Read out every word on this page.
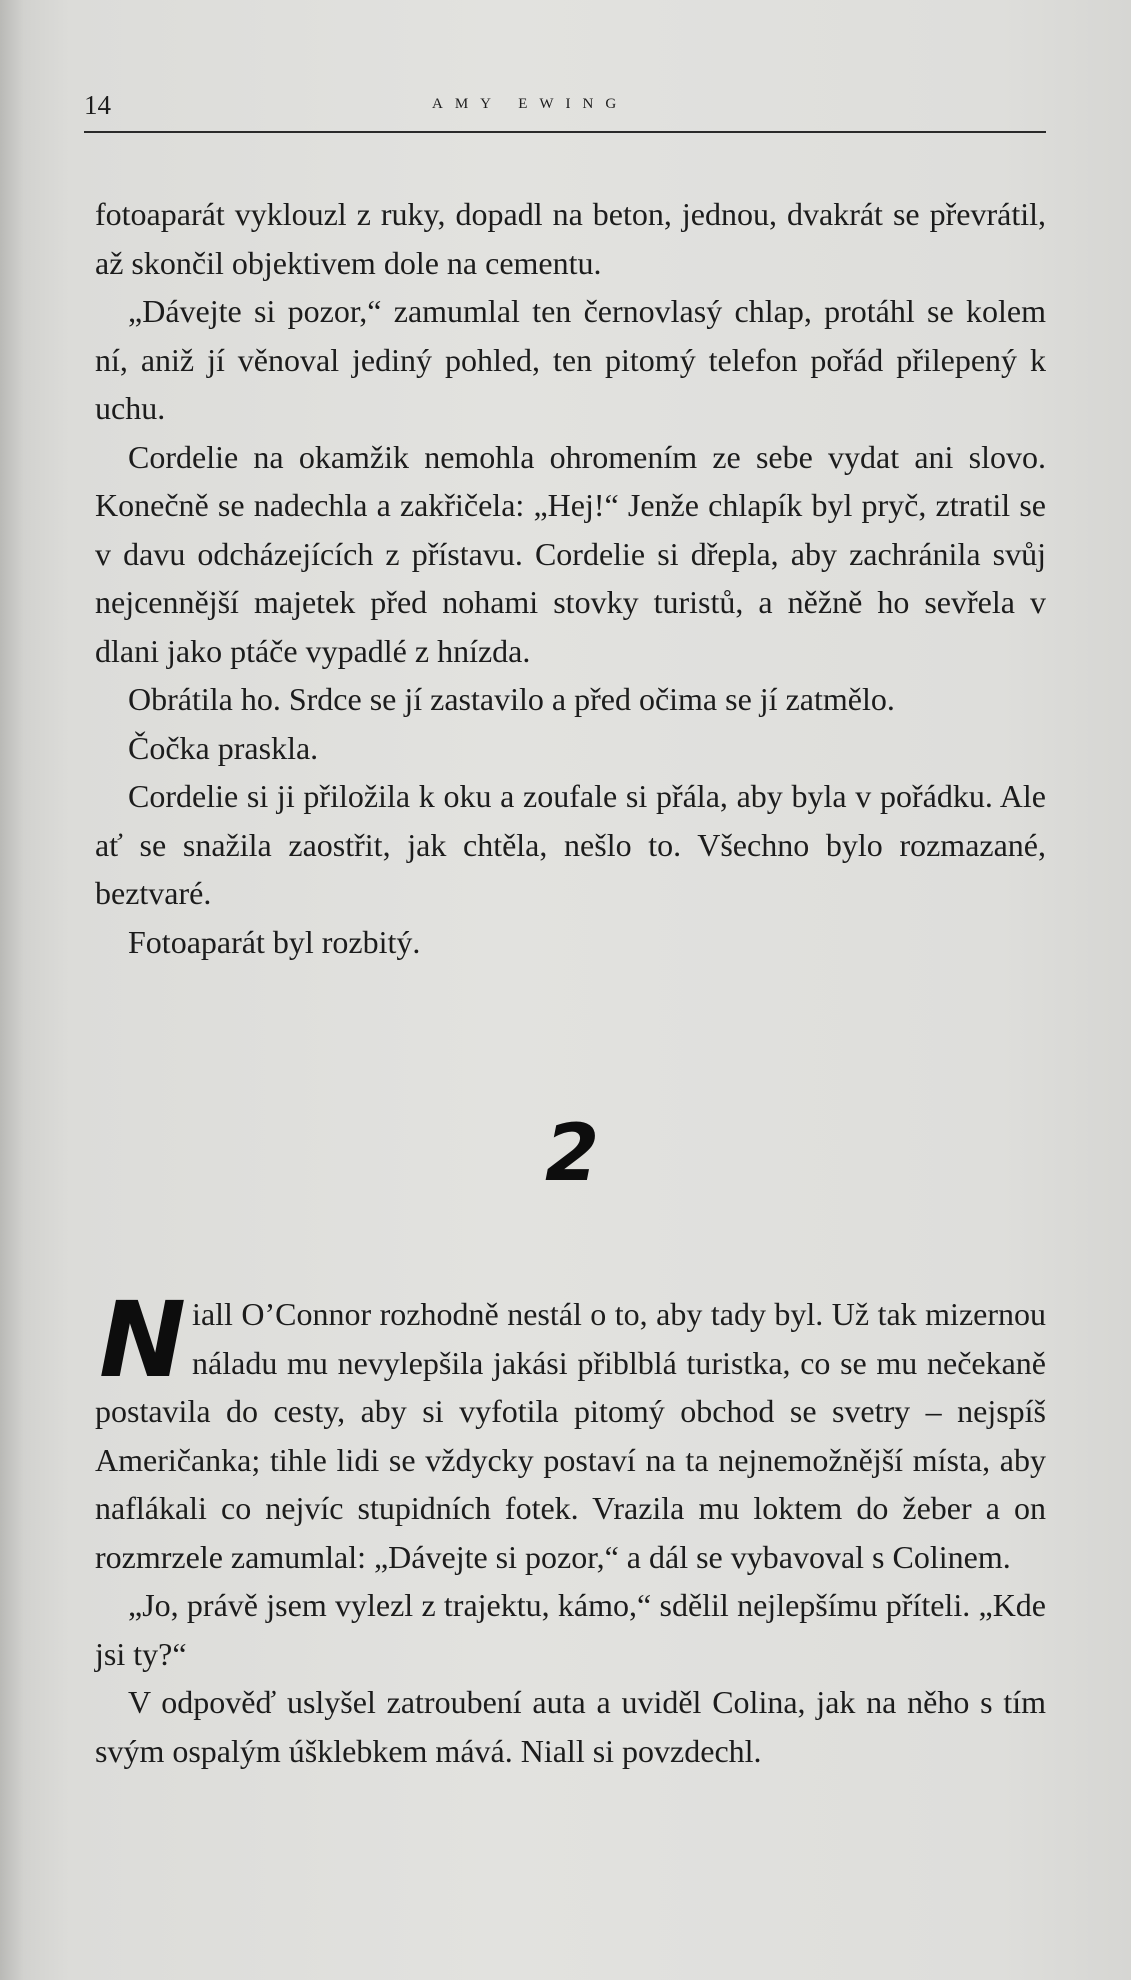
14	AMY EWING

fotoaparát vyklouzl z ruky, dopadl na beton, jednou, dvakrát se převrátil, až skončil objektivem dole na cementu.

„Dávejte si pozor,“ zamumlal ten černovlasý chlap, protáhl se kolem ní, aniž jí věnoval jediný pohled, ten pitomý telefon pořád přilepený k uchu.

Cordelie na okamžik nemohla ohromením ze sebe vydat ani slovo. Konečně se nadechla a zakřičela: „Hej!“ Jenže chlapík byl pryč, ztratil se v davu odcházejících z přístavu. Cordelie si dřepla, aby zachránila svůj nejcennější majetek před nohami stovky turistů, a něžně ho sevřela v dlani jako ptáče vypadlé z hnízda.

Obrátila ho. Srdce se jí zastavilo a před očima se jí zatmělo.

Čočka praskla.

Cordelie si ji přiložila k oku a zoufale si přála, aby byla v pořádku. Ale ať se snažila zaostřit, jak chtěla, nešlo to. Všechno bylo rozmazané, beztvaré.

Fotoaparát byl rozbitý.

2

Niall O’Connor rozhodně nestál o to, aby tady byl. Už tak mizernou náladu mu nevylepšila jakási přiblblá turistka, co se mu nečekaně postavila do cesty, aby si vyfotila pitomý obchod se svetry – nejspíš Američanka; tihle lidi se vždycky postaví na ta nejnemožnější místa, aby naflákali co nejvíc stupidních fotek. Vrazila mu loktem do žeber a on rozmrzele zamumlal: „Dávejte si pozor,“ a dál se vybavoval s Colinem.

„Jo, právě jsem vylezl z trajektu, kámo,“ sdělil nejlepšímu příteli. „Kde jsi ty?“

V odpověď uslyšel zatroubení auta a uviděl Colina, jak na něho s tím svým ospalým úšklebkem mává. Niall si povzdechl.
